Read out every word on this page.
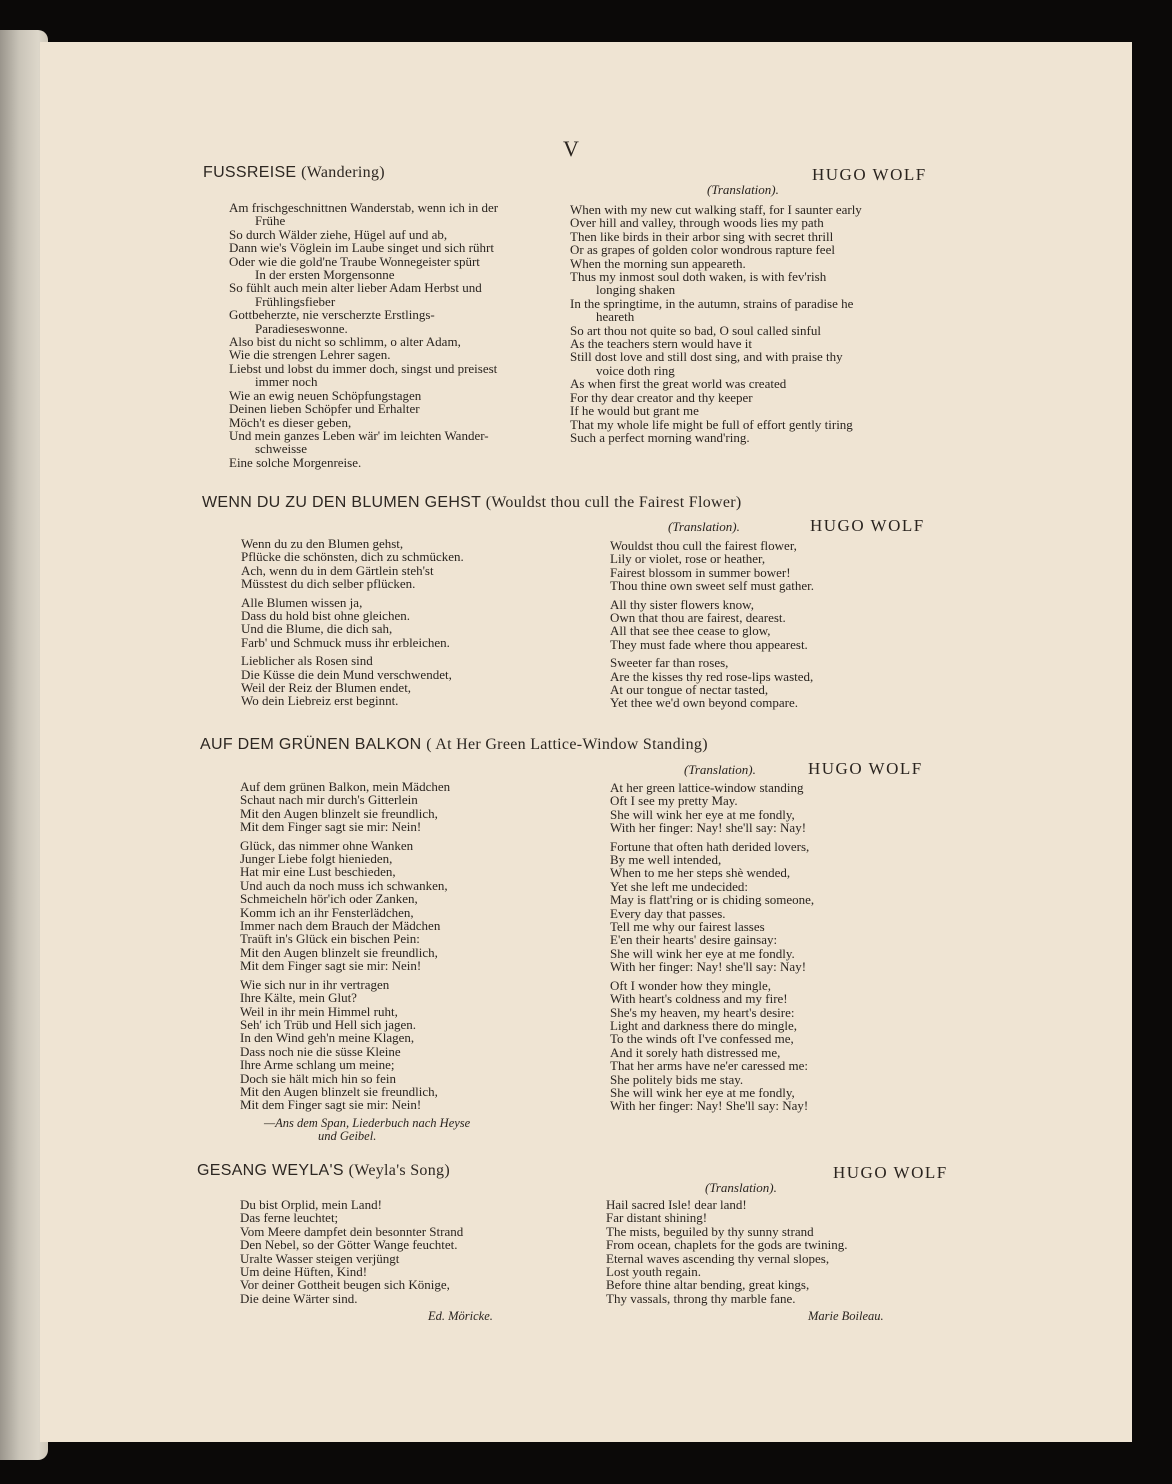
V
FUSSREISE (Wandering)	HUGO WOLF
(Translation).
Am frischgeschnittnen Wanderstab, wenn ich in der
Frühe
So durch Wälder ziehe, Hügel auf und ab,
Dann wie's Vöglein im Laube singet und sich rührt
Oder wie die gold'ne Traube Wonnegeister spürt
In der ersten Morgensonne
So fühlt auch mein alter lieber Adam Herbst und
Frühlingsfieber
Gottbeherzte, nie verscherzte Erstlings-
Paradieseswonne.
Also bist du nicht so schlimm, o alter Adam,
Wie die strengen Lehrer sagen.
Liebst und lobst du immer doch, singst und preisest
immer noch
Wie an ewig neuen Schöpfungstagen
Deinen lieben Schöpfer und Erhalter
Möch't es dieser geben,
Und mein ganzes Leben wär' im leichten Wander-
schweisse
Eine solche Morgenreise.
When with my new cut walking staff, for I saunter early
Over hill and valley, through woods lies my path
Then like birds in their arbor sing with secret thrill
Or as grapes of golden color wondrous rapture feel
When the morning sun appeareth.
Thus my inmost soul doth waken, is with fev'rish
longing shaken
In the springtime, in the autumn, strains of paradise he
heareth
So art thou not quite so bad, O soul called sinful
As the teachers stern would have it
Still dost love and still dost sing, and with praise thy
voice doth ring
As when first the great world was created
For thy dear creator and thy keeper
If he would but grant me
That my whole life might be full of effort gently tiring
Such a perfect morning wand'ring.
WENN DU ZU DEN BLUMEN GEHST (Wouldst thou cull the Fairest Flower)
(Translation).	HUGO WOLF
Wenn du zu den Blumen gehst,
Pflücke die schönsten, dich zu schmücken.
Ach, wenn du in dem Gärtlein steh'st
Müsstest du dich selber pflücken.
Alle Blumen wissen ja,
Dass du hold bist ohne gleichen.
Und die Blume, die dich sah,
Farb' und Schmuck muss ihr erbleichen.
Lieblicher als Rosen sind
Die Küsse die dein Mund verschwendet,
Weil der Reiz der Blumen endet,
Wo dein Liebreiz erst beginnt.
Wouldst thou cull the fairest flower,
Lily or violet, rose or heather,
Fairest blossom in summer bower!
Thou thine own sweet self must gather.
All thy sister flowers know,
Own that thou are fairest, dearest.
All that see thee cease to glow,
They must fade where thou appearest.
Sweeter far than roses,
Are the kisses thy red rose-lips wasted,
At our tongue of nectar tasted,
Yet thee we'd own beyond compare.
AUF DEM GRÜNEN BALKON ( At Her Green Lattice-Window Standing)
(Translation).	HUGO WOLF
Auf dem grünen Balkon, mein Mädchen
Schaut nach mir durch's Gitterlein
Mit den Augen blinzelt sie freundlich,
Mit dem Finger sagt sie mir: Nein!
Glück, das nimmer ohne Wanken
Junger Liebe folgt hienieden,
Hat mir eine Lust beschieden,
Und auch da noch muss ich schwanken,
Schmeicheln hör'ich oder Zanken,
Komm ich an ihr Fensterlädchen,
Immer nach dem Brauch der Mädchen
Traüft in's Glück ein bischen Pein:
Mit den Augen blinzelt sie freundlich,
Mit dem Finger sagt sie mir: Nein!
Wie sich nur in ihr vertragen
Ihre Kälte, mein Glut?
Weil in ihr mein Himmel ruht,
Seh' ich Trüb und Hell sich jagen.
In den Wind geh'n meine Klagen,
Dass noch nie die süsse Kleine
Ihre Arme schlang um meine;
Doch sie hält mich hin so fein
Mit den Augen blinzelt sie freundlich,
Mit dem Finger sagt sie mir: Nein!
At her green lattice-window standing
Oft I see my pretty May.
She will wink her eye at me fondly,
With her finger: Nay! she'll say: Nay!
Fortune that often hath derided lovers,
By me well intended,
When to me her steps shè wended,
Yet she left me undecided:
May is flatt'ring or is chiding someone,
Every day that passes.
Tell me why our fairest lasses
E'en their hearts' desire gainsay:
She will wink her eye at me fondly.
With her finger: Nay! she'll say: Nay!
Oft I wonder how they mingle,
With heart's coldness and my fire!
She's my heaven, my heart's desire:
Light and darkness there do mingle,
To the winds oft I've confessed me,
And it sorely hath distressed me,
That her arms have ne'er caressed me:
She politely bids me stay.
She will wink her eye at me fondly,
With her finger: Nay! She'll say: Nay!
—Ans dem Span, Liederbuch nach Heyse
und Geibel.
GESANG WEYLA'S (Weyla's Song)	HUGO WOLF
(Translation).
Du bist Orplid, mein Land!
Das ferne leuchtet;
Vom Meere dampfet dein besonnter Strand
Den Nebel, so der Götter Wange feuchtet.
Uralte Wasser steigen verjüngt
Um deine Hüften, Kind!
Vor deiner Gottheit beugen sich Könige,
Die deine Wärter sind.
Hail sacred Isle! dear land!
Far distant shining!
The mists, beguiled by thy sunny strand
From ocean, chaplets for the gods are twining.
Eternal waves ascending thy vernal slopes,
Lost youth regain.
Before thine altar bending, great kings,
Thy vassals, throng thy marble fane.
Ed. Möricke.	Marie Boileau.
